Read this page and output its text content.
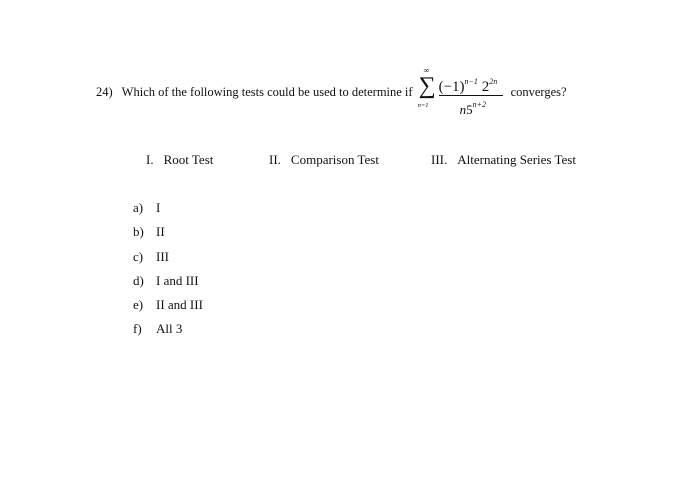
24) Which of the following tests could be used to determine if
∞
∑
n=1
$(-1)^{n-1}$ $2^{2n}$
$n5^{n+2}$
converges?
I. Root Test	II. Comparison Test	III. Alternating Series Test
a) I
b) II
c) III
d) I and III
e) II and III
f) All 3
